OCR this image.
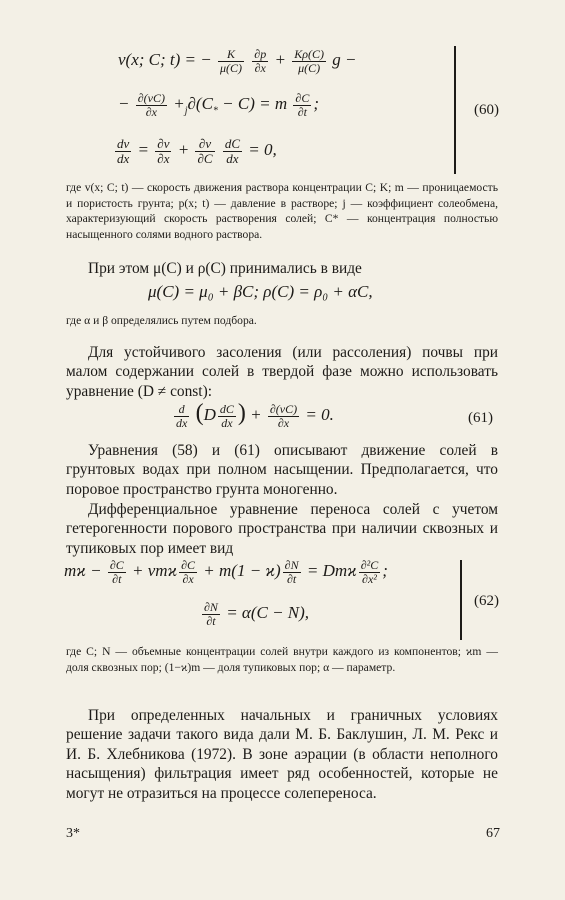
v(x; C; t) = − $\frac{K}{\mu(C)}$
$\frac{\partial p}{\partial x} + \frac{K\rho(C)}{\mu(C)}$ g −
− $\frac{\partial(vC)}{\partial x} +_j\partial(C_* - C) = m \frac{\partial C}{\partial t}$ ;
$\frac{dv}{dx} = \frac{\partial v}{\partial x} + \frac{\partial v}{\partial C}$
$\frac{dC}{dx} = 0$,
(60)

где v(x; C; t) — скорость движения раствора концентрации C; K; m — проницаемость и пористость грунта; p(x; t) — давление в растворе; j — коэффициент солеобмена, характеризующий скорость растворения солей; C* — концентрация полностью насыщенного солями водного раствора.

При этом μ(C) и ρ(C) принимались в виде

μ(C) = μ₀ + βC; ρ(C) = ρ₀ + αC,
где α и β определялись путем подбора.

Для устойчивого засоления (или рассоления) почвы при малом содержании солей в твердой фазе можно использовать уравнение (D ≠ const):

$\frac{d}{dx} (D \frac{dC}{dx}$ ) + $\frac{\partial(vC)}{\partial x} = 0$.	(61)

Уравнения (58) и (61) описывают движение солей в грунтовых водах при полном насыщении. Предполагается, что поровое пространство грунта моногенно.

Дифференциальное уравнение переноса солей с учетом гетерогенности порового пространства при наличии сквозных и тупиковых пор имеет вид

$mϰ - \frac{\partial C}{\partial t} + vmϰ \frac{\partial C}{\partial x} + m(1 - ϰ) \frac{\partial N}{\partial t} = Dmϰ \frac{\text{∂²C}}{\text{∂x²}}$ ;
$\frac{\partial N}{\partial t} = \alpha(C - N)$,
(62)

где C; N — объемные концентрации солей внутри каждого из компонентов; ϰm — доля сквозных пор; (1−ϰ)m — доля тупиковых пор; α — параметр.

При определенных начальных и граничных условиях решение задачи такого вида дали М. Б. Баклушин, Л. М. Рекс и И. Б. Хлебникова (1972). В зоне аэрации (в области неполного насыщения) фильтрация имеет ряд особенностей, которые не могут не отразиться на процессе солепереноса.

3*	67
